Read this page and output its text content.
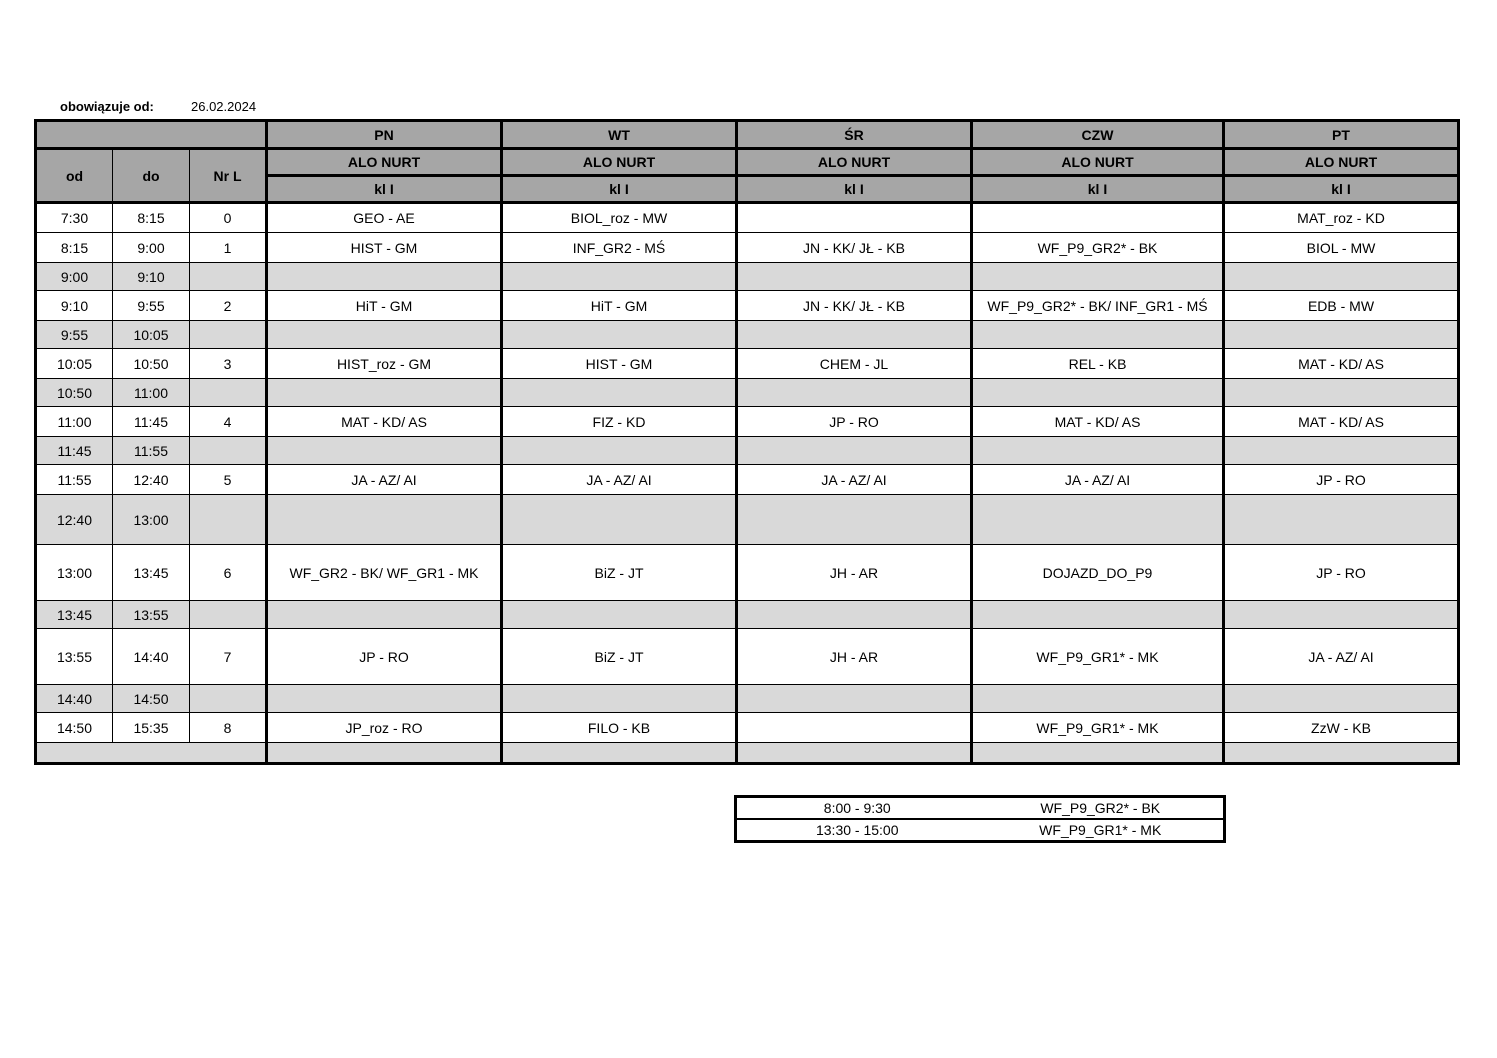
obowiązuje od:	26.02.2024
			PN	WT	ŚR	CZW	PT
od	do	Nr L	ALO NURT	ALO NURT	ALO NURT	ALO NURT	ALO NURT
			kl I	kl I	kl I	kl I	kl I
7:30	8:15	0	GEO - AE	BIOL_roz - MW			MAT_roz - KD
8:15	9:00	1	HIST - GM	INF_GR2 - MŚ	JN - KK/ JŁ - KB	WF_P9_GR2* - BK	BIOL - MW
9:00	9:10						
9:10	9:55	2	HiT - GM	HiT - GM	JN - KK/ JŁ - KB	WF_P9_GR2* - BK/ INF_GR1 - MŚ	EDB - MW
9:55	10:05						
10:05	10:50	3	HIST_roz - GM	HIST - GM	CHEM - JL	REL - KB	MAT - KD/ AS
10:50	11:00						
11:00	11:45	4	MAT - KD/ AS	FIZ - KD	JP - RO	MAT - KD/ AS	MAT - KD/ AS
11:45	11:55						
11:55	12:40	5	JA - AZ/ AI	JA - AZ/ AI	JA - AZ/ AI	JA - AZ/ AI	JP - RO
12:40	13:00						
13:00	13:45	6	WF_GR2 - BK/ WF_GR1 - MK	BiZ - JT	JH - AR	DOJAZD_DO_P9	JP - RO
13:45	13:55						
13:55	14:40	7	JP - RO	BiZ - JT	JH - AR	WF_P9_GR1* - MK	JA - AZ/ AI
14:40	14:50						
14:50	15:35	8	JP_roz - RO	FILO - KB		WF_P9_GR1* - MK	ZzW - KB

8:00 - 9:30	WF_P9_GR2* - BK
13:30 - 15:00	WF_P9_GR1* - MK
